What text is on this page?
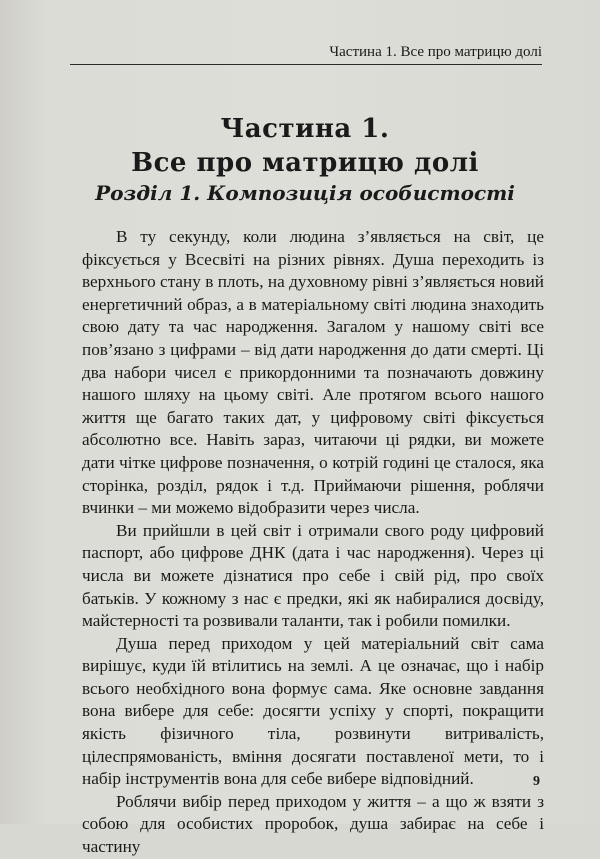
Частина 1. Все про матрицю долі
Частина 1.
Все про матрицю долі
Розділ 1. Композиція особистості

В ту секунду, коли людина з’являється на світ, це фіксується у Всесвіті на різних рівнях. Душа переходить із верхнього стану в плоть, на духовному рівні з’являється новий енергетичний образ, а в матеріальному світі людина знаходить свою дату та час народження. Загалом у нашому світі все пов’язано з цифрами – від дати народження до дати смерті. Ці два набори чисел є прикордонними та позначають довжину нашого шляху на цьому світі. Але протягом всього нашого життя ще багато таких дат, у цифровому світі фіксується абсолютно все. Навіть зараз, читаючи ці рядки, ви можете дати чітке цифрове позначення, о котрій годині це сталося, яка сторінка, розділ, рядок і т.д. Приймаючи рішення, роблячи вчинки – ми можемо відобразити через числа.

Ви прийшли в цей світ і отримали свого роду цифровий паспорт, або цифрове ДНК (дата і час народження). Через ці числа ви можете дізнатися про себе і свій рід, про своїх батьків. У кожному з нас є предки, які як набиралися досвіду, майстерності та розвивали таланти, так і робили помилки.

Душа перед приходом у цей матеріальний світ сама вирішує, куди їй втілитись на землі. А це означає, що і набір всього необхідного вона формує сама. Яке основне завдання вона вибере для себе: досягти успіху у спорті, покращити якість фізичного тіла, розвинути витривалість, цілеспрямованість, вміння досягати поставленої мети, то і набір інструментів вона для себе вибере відповідний.

Роблячи вибір перед приходом у життя – а що ж взяти з собою для особистих проробок, душа забирає на себе і частину

9
